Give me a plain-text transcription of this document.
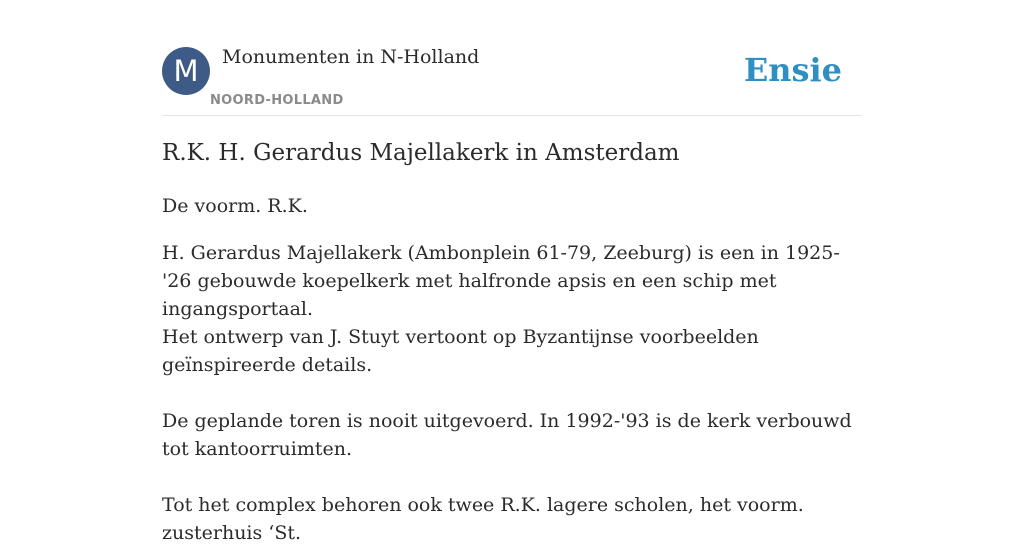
M	Monumenten in N-Holland
NOORD-HOLLAND
Ensie
R.K. H. Gerardus Majellakerk in Amsterdam

De voorm. R.K.

H. Gerardus Majellakerk (Ambonplein 61-79, Zeeburg) is een in 1925-'26 gebouwde koepelkerk met halfronde apsis en een schip met ingangsportaal.

Het ontwerp van J. Stuyt vertoont op Byzantijnse voorbeelden geïnspireerde details.

De geplande toren is nooit uitgevoerd. In 1992-'93 is de kerk verbouwd tot kantoorruimten.

Tot het complex behoren ook twee R.K. lagere scholen, het voorm. zusterhuis ‘St.
